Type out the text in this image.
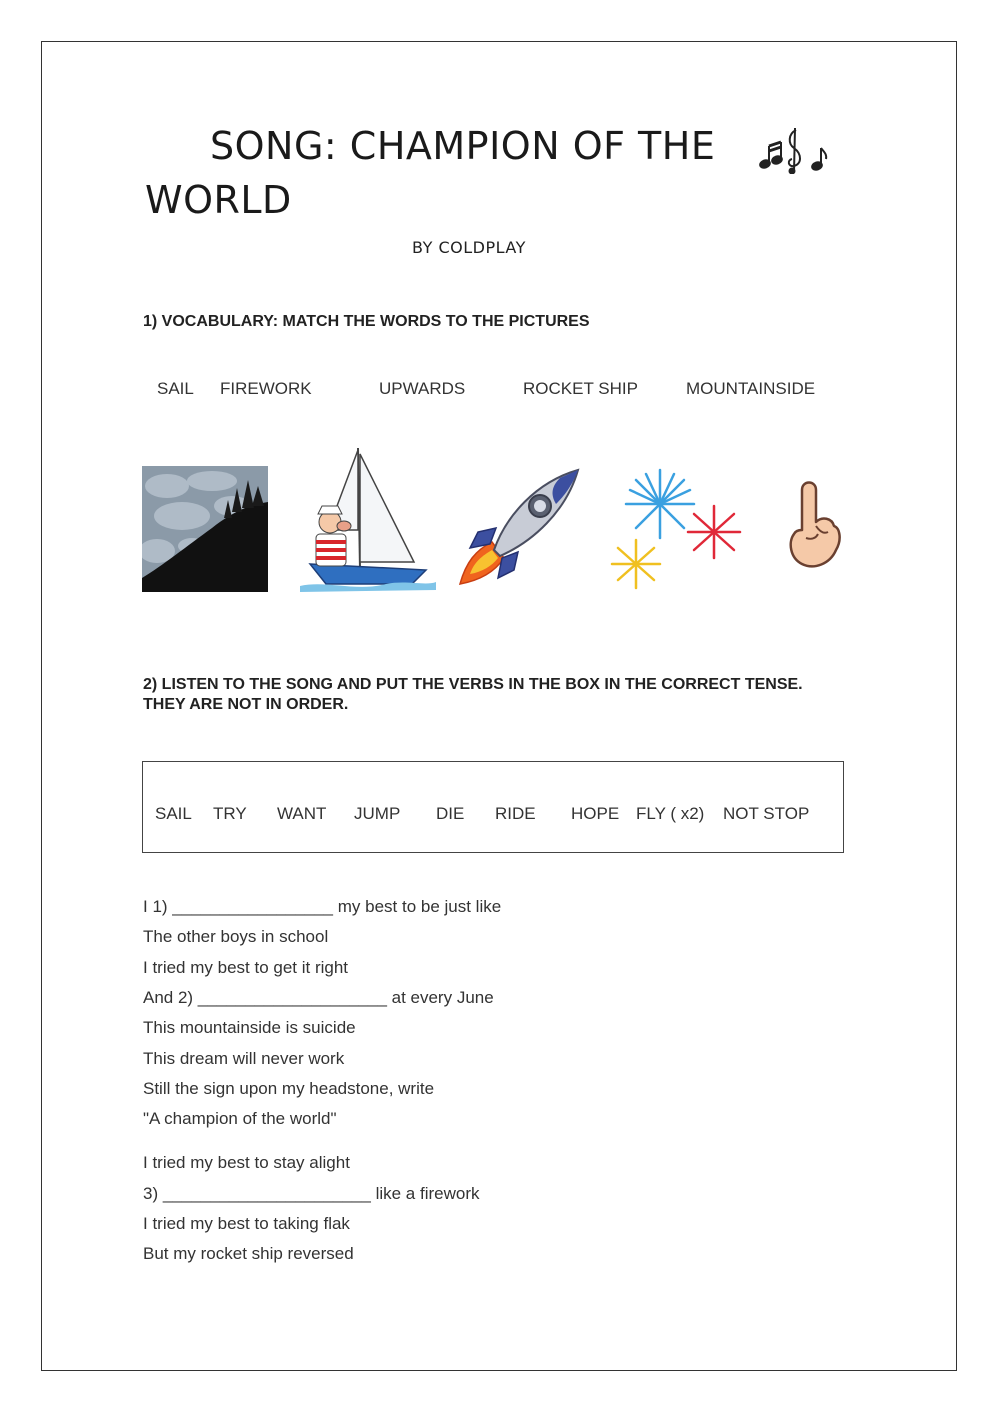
SONG: CHAMPION OF THE
WORLD
BY COLDPLAY
1) VOCABULARY: MATCH THE WORDS TO THE PICTURES
SAIL FIREWORK	UPWARDS	ROCKET SHIP	MOUNTAINSIDE
2) LISTEN TO THE SONG AND PUT THE VERBS IN THE BOX IN THE CORRECT TENSE. THEY ARE NOT IN ORDER.
SAIL TRY WANT JUMP DIE RIDE HOPE FLY ( x2) NOT STOP
I 1) _________________ my best to be just like
The other boys in school
I tried my best to get it right
And 2) ____________________ at every June
This mountainside is suicide
This dream will never work
Still the sign upon my headstone, write
"A champion of the world"
I tried my best to stay alight
3) ______________________ like a firework
I tried my best to taking flak
But my rocket ship reversed
